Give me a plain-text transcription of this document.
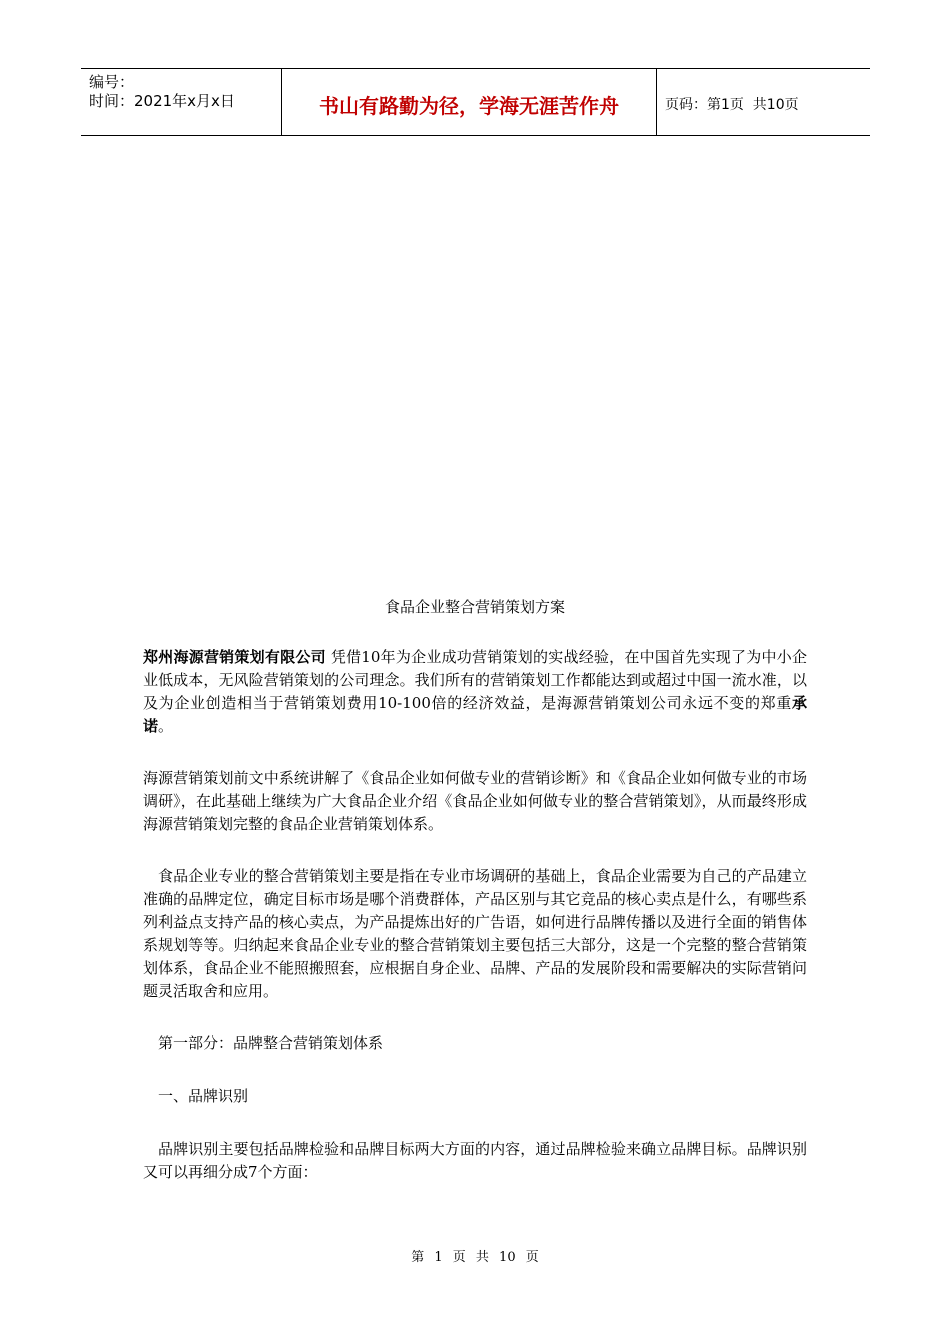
编号：
时间：2021年x月x日	书山有路勤为径，学海无涯苦作舟	页码：第1页  共10页
食品企业整合营销策划方案

郑州海源营销策划有限公司 凭借10年为企业成功营销策划的实战经验，在中国首先实现了为中小企业低成本，无风险营销策划的公司理念。我们所有的营销策划工作都能达到或超过中国一流水准，以及为企业创造相当于营销策划费用10-100倍的经济效益，是海源营销策划公司永远不变的郑重承诺。

海源营销策划前文中系统讲解了《食品企业如何做专业的营销诊断》和《食品企业如何做专业的市场调研》，在此基础上继续为广大食品企业介绍《食品企业如何做专业的整合营销策划》，从而最终形成海源营销策划完整的食品企业营销策划体系。

食品企业专业的整合营销策划主要是指在专业市场调研的基础上，食品企业需要为自己的产品建立准确的品牌定位，确定目标市场是哪个消费群体，产品区别与其它竞品的核心卖点是什么，有哪些系列利益点支持产品的核心卖点，为产品提炼出好的广告语，如何进行品牌传播以及进行全面的销售体系规划等等。归纳起来食品企业专业的整合营销策划主要包括三大部分，这是一个完整的整合营销策划体系，食品企业不能照搬照套，应根据自身企业、品牌、产品的发展阶段和需要解决的实际营销问题灵活取舍和应用。

第一部分：品牌整合营销策划体系

一、品牌识别

品牌识别主要包括品牌检验和品牌目标两大方面的内容，通过品牌检验来确立品牌目标。品牌识别又可以再细分成7个方面：

第 1 页 共 10 页
